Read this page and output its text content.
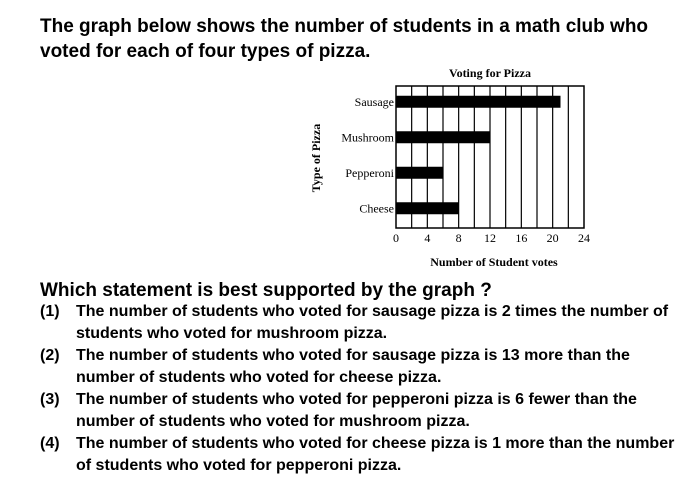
The graph below shows the number of students in a math club who voted for each of four types of pizza.

Voting for Pizza
Sausage
Mushroom
Pepperoni
Cheese
0 4 8 12 16 20 24
Number of Student votes
Type of Pizza

Which statement is best supported by the graph ?

(1)	The number of students who voted for sausage pizza is 2 times the number of students who voted for mushroom pizza.
(2)	The number of students who voted for sausage pizza is 13 more than the number of students who voted for cheese pizza.
(3)	The number of students who voted for pepperoni pizza is 6 fewer than the number of students who voted for mushroom pizza.
(4)	The number of students who voted for cheese pizza is 1 more than the number of students who voted for pepperoni pizza.
